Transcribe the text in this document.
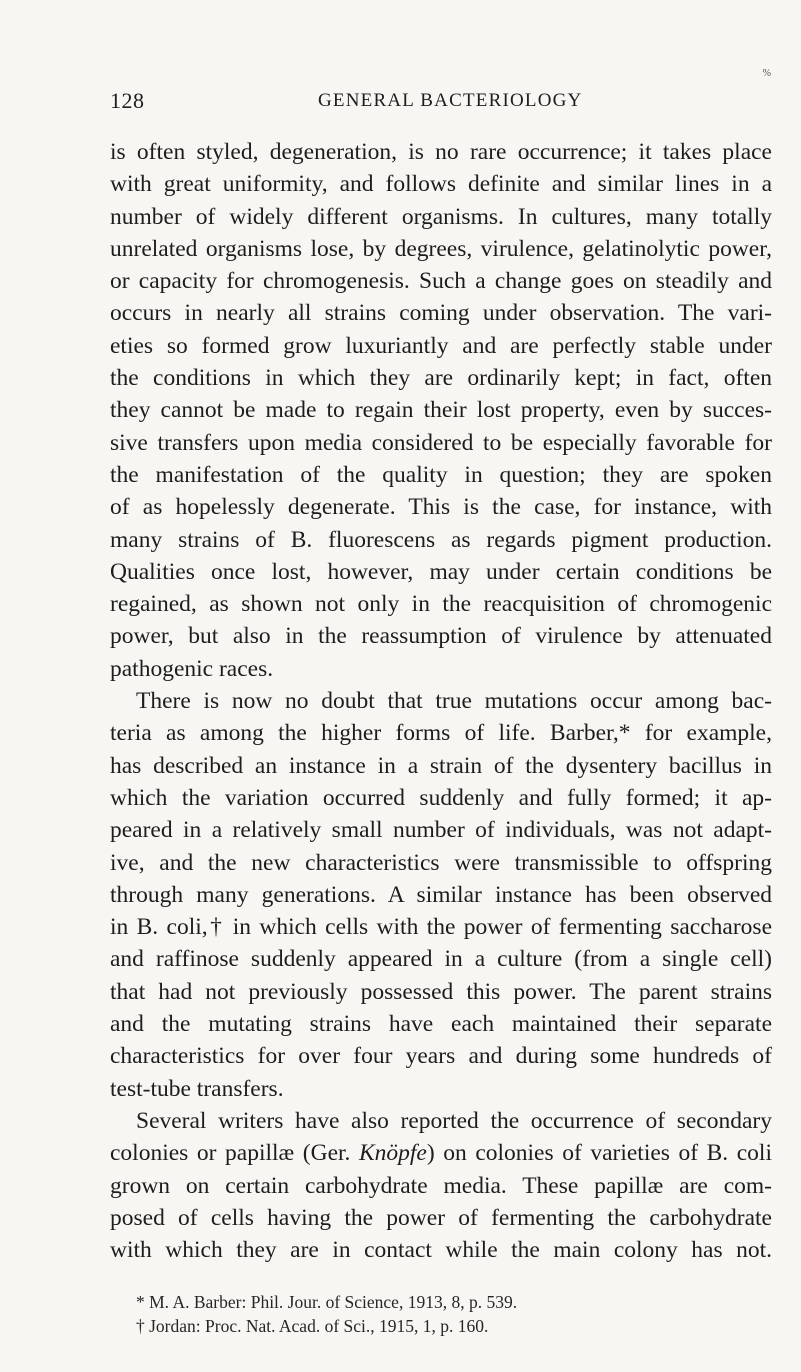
128	GENERAL BACTERIOLOGY
%

is often styled, degeneration, is no rare occurrence; it takes place
with great uniformity, and follows definite and similar lines in a
number of widely different organisms. In cultures, many totally
unrelated organisms lose, by degrees, virulence, gelatinolytic power,
or capacity for chromogenesis. Such a change goes on steadily and
occurs in nearly all strains coming under observation. The vari-
eties so formed grow luxuriantly and are perfectly stable under
the conditions in which they are ordinarily kept; in fact, often
they cannot be made to regain their lost property, even by succes-
sive transfers upon media considered to be especially favorable for
the manifestation of the quality in question; they are spoken
of as hopelessly degenerate. This is the case, for instance, with
many strains of B. fluorescens as regards pigment production.
Qualities once lost, however, may under certain conditions be
regained, as shown not only in the reacquisition of chromogenic
power, but also in the reassumption of virulence by attenuated
pathogenic races.

There is now no doubt that true mutations occur among bac-
teria as among the higher forms of life. Barber,* for example,
has described an instance in a strain of the dysentery bacillus in
which the variation occurred suddenly and fully formed; it ap-
peared in a relatively small number of individuals, was not adapt-
ive, and the new characteristics were transmissible to offspring
through many generations. A similar instance has been observed
in B. coli,† in which cells with the power of fermenting saccharose
and raffinose suddenly appeared in a culture (from a single cell)
that had not previously possessed this power. The parent strains
and the mutating strains have each maintained their separate
characteristics for over four years and during some hundreds of
test-tube transfers.

Several writers have also reported the occurrence of secondary
colonies or papillæ (Ger. Knöpfe) on colonies of varieties of B. coli
grown on certain carbohydrate media. These papillæ are com-
posed of cells having the power of fermenting the carbohydrate
with which they are in contact while the main colony has not.

* M. A. Barber: Phil. Jour. of Science, 1913, 8, p. 539.
† Jordan: Proc. Nat. Acad. of Sci., 1915, 1, p. 160.
